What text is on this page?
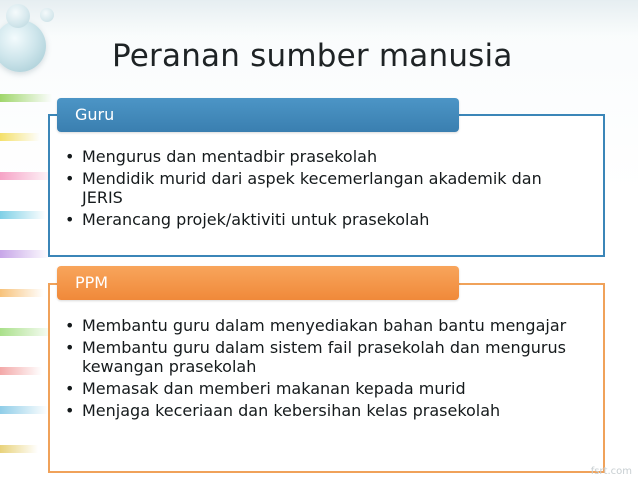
Peranan sumber manusia
Guru
• Mengurus dan mentadbir prasekolah
• Mendidik murid dari aspek kecemerlangan akademik dan JERIS
• Merancang projek/aktiviti untuk prasekolah
PPM
• Membantu guru dalam menyediakan bahan bantu mengajar
• Membantu guru dalam sistem fail prasekolah dan mengurus kewangan prasekolah
• Memasak dan memberi makanan kepada murid
• Menjaga keceriaan dan kebersihan kelas prasekolah
fsrt.com
